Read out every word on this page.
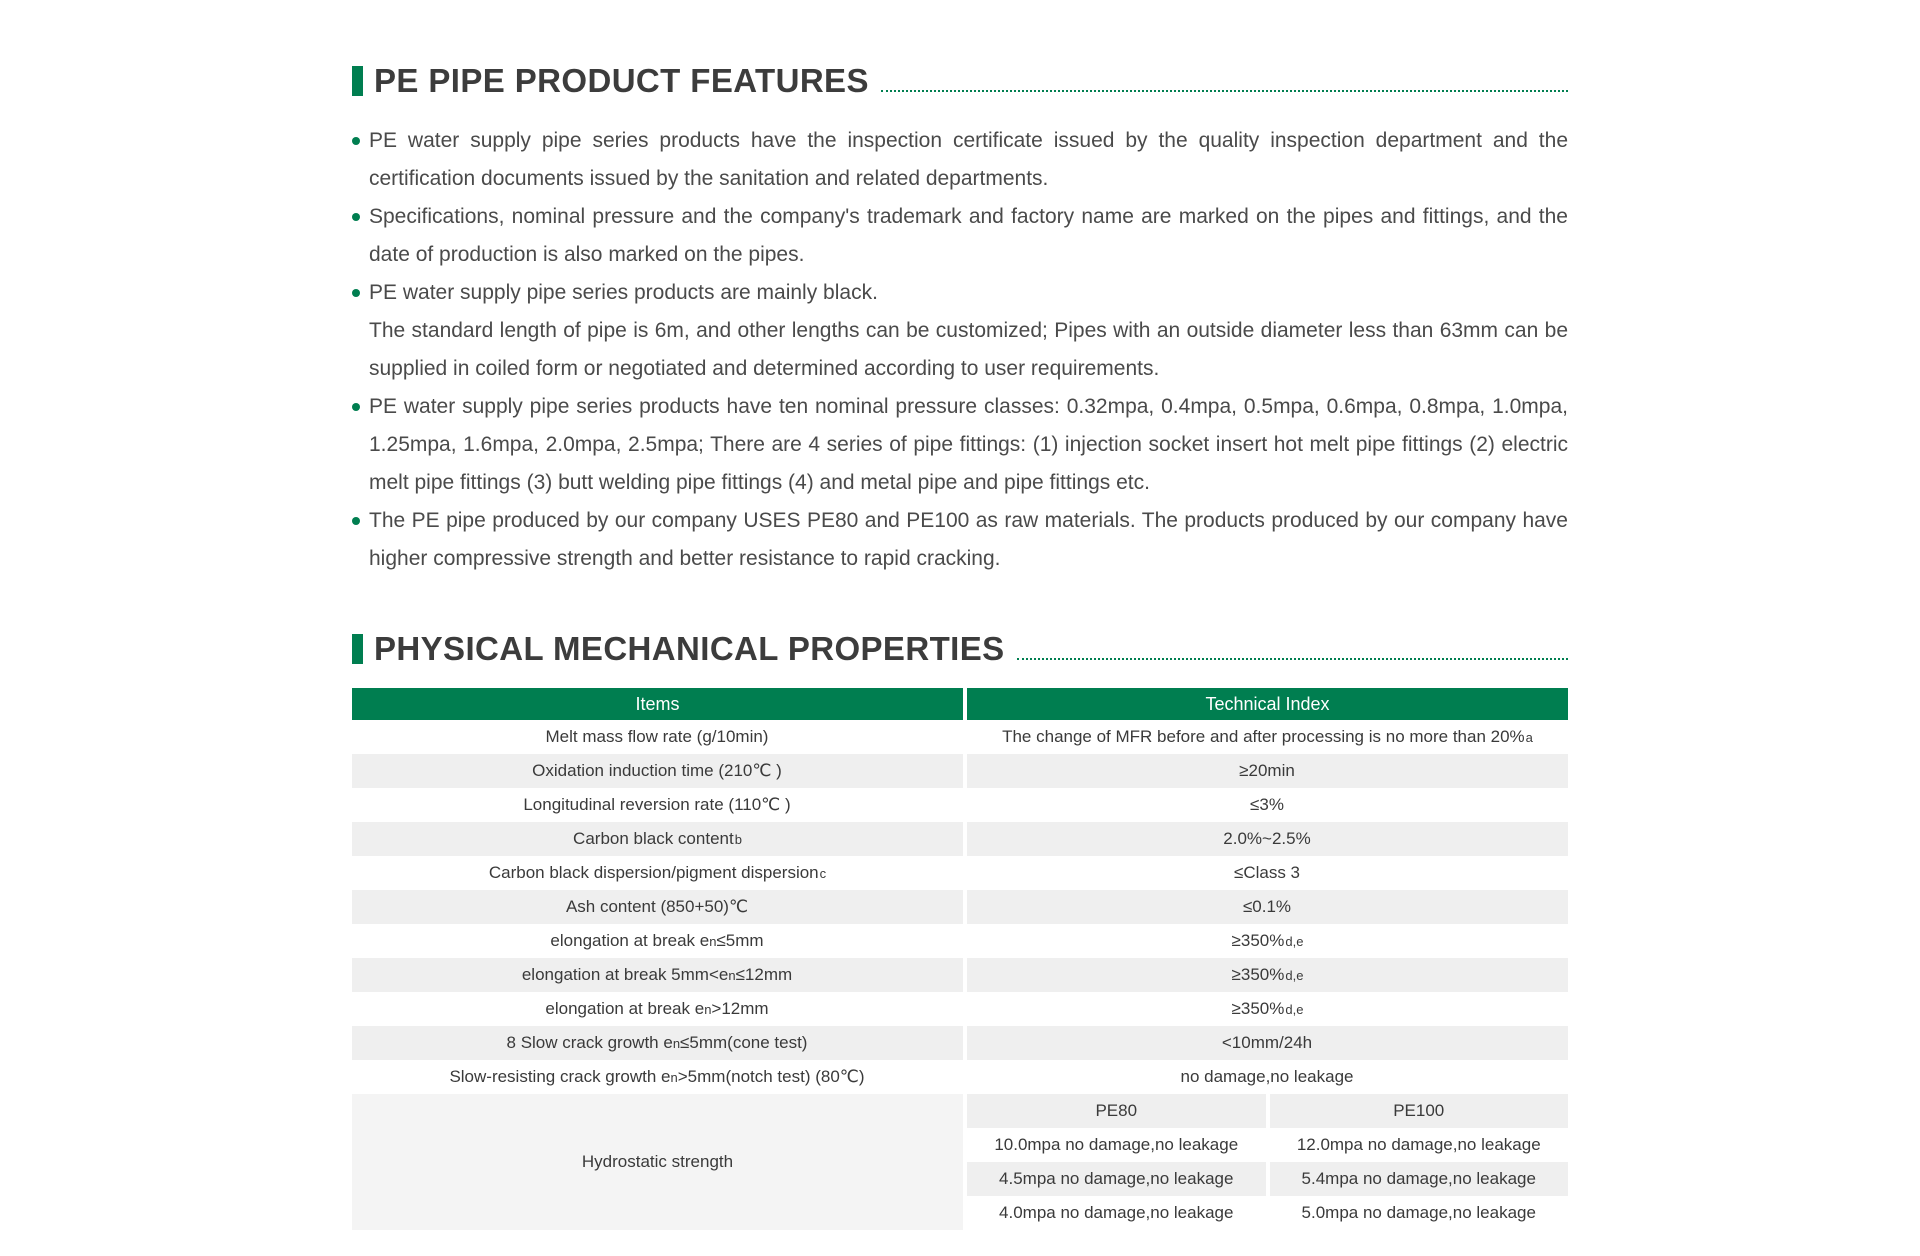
PE PIPE PRODUCT FEATURES

PE water supply pipe series products have the inspection certificate issued by the quality inspection department and the certification documents issued by the sanitation and related departments.

Specifications, nominal pressure and the company's trademark and factory name are marked on the pipes and fittings, and the date of production is also marked on the pipes.

PE water supply pipe series products are mainly black.

The standard length of pipe is 6m, and other lengths can be customized; Pipes with an outside diameter less than 63mm can be supplied in coiled form or negotiated and determined according to user requirements.

PE water supply pipe series products have ten nominal pressure classes: 0.32mpa, 0.4mpa, 0.5mpa, 0.6mpa, 0.8mpa, 1.0mpa, 1.25mpa, 1.6mpa, 2.0mpa, 2.5mpa; There are 4 series of pipe fittings: (1) injection socket insert hot melt pipe fittings (2) electric melt pipe fittings (3) butt welding pipe fittings (4) and metal pipe and pipe fittings etc.

The PE pipe produced by our company USES PE80 and PE100 as raw materials. The products produced by our company have higher compressive strength and better resistance to rapid cracking.

PHYSICAL MECHANICAL PROPERTIES
Items	Technical Index
Melt mass flow rate (g/10min)	The change of MFR before and after processing is no more than 20% a
Oxidation induction time (210℃ )	≥20min
Longitudinal reversion rate (110℃ )	≤3%
Carbon black content b	2.0%~2.5%
Carbon black dispersion/pigment dispersion c	≤Class 3
Ash content (850+50)℃	≤0.1%
elongation at break e n ≤5mm	≥350% d,e
elongation at break 5mm<e n ≤12mm	≥350% d,e
elongation at break e n >12mm	≥350% d,e
8 Slow crack growth e n ≤5mm(cone test)	<10mm/24h
Slow-resisting crack growth e n >5mm(notch test) (80℃)	no damage,no leakage
Hydrostatic strength
PE80	PE100
10.0mpa no damage,no leakage	12.0mpa no damage,no leakage
4.5mpa no damage,no leakage	5.4mpa no damage,no leakage
4.0mpa no damage,no leakage	5.0mpa no damage,no leakage
